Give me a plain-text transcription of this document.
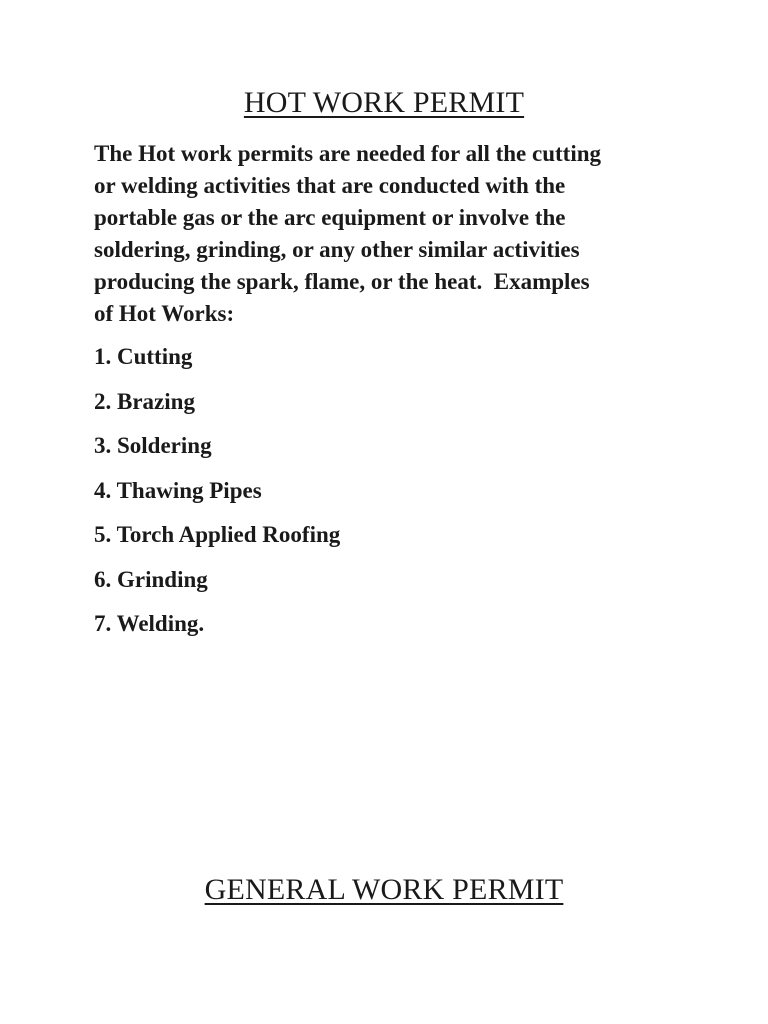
HOT WORK PERMIT

The Hot work permits are needed for all the cutting
or welding activities that are conducted with the
portable gas or the arc equipment or involve the
soldering, grinding, or any other similar activities
producing the spark, flame, or the heat.  Examples
of Hot Works:

1. Cutting
2. Brazing
3. Soldering
4. Thawing Pipes
5. Torch Applied Roofing
6. Grinding
7. Welding.
GENERAL WORK PERMIT
